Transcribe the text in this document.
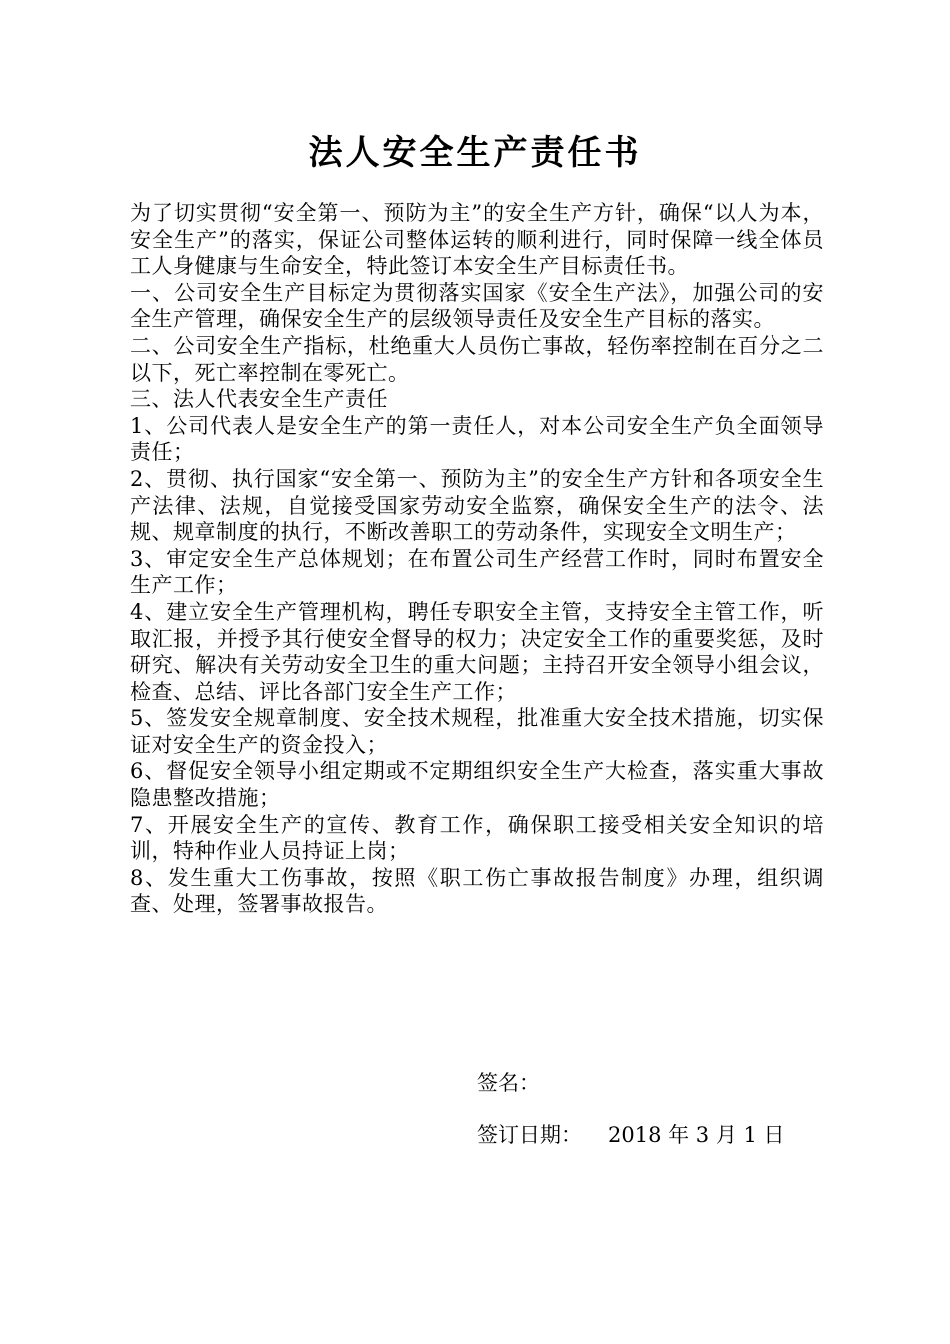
法人安全生产责任书

为了切实贯彻“安全第一、预防为主”的安全生产方针，确保“以人为本，安全生产”的落实，保证公司整体运转的顺利进行，同时保障一线全体员工人身健康与生命安全，特此签订本安全生产目标责任书。

一、公司安全生产目标定为贯彻落实国家《安全生产法》，加强公司的安全生产管理，确保安全生产的层级领导责任及安全生产目标的落实。

二、公司安全生产指标，杜绝重大人员伤亡事故，轻伤率控制在百分之二以下，死亡率控制在零死亡。

三、法人代表安全生产责任

1、公司代表人是安全生产的第一责任人，对本公司安全生产负全面领导责任；

2、贯彻、执行国家“安全第一、预防为主”的安全生产方针和各项安全生产法律、法规，自觉接受国家劳动安全监察，确保安全生产的法令、法规、规章制度的执行，不断改善职工的劳动条件，实现安全文明生产；

3、审定安全生产总体规划；在布置公司生产经营工作时，同时布置安全生产工作；

4、建立安全生产管理机构，聘任专职安全主管，支持安全主管工作，听取汇报，并授予其行使安全督导的权力；决定安全工作的重要奖惩，及时研究、解决有关劳动安全卫生的重大问题；主持召开安全领导小组会议，检查、总结、评比各部门安全生产工作；

5、签发安全规章制度、安全技术规程，批准重大安全技术措施，切实保证对安全生产的资金投入；

6、督促安全领导小组定期或不定期组织安全生产大检查，落实重大事故隐患整改措施；

7、开展安全生产的宣传、教育工作，确保职工接受相关安全知识的培训，特种作业人员持证上岗；

8、发生重大工伤事故，按照《职工伤亡事故报告制度》办理，组织调查、处理，签署事故报告。

签名：
签订日期： 2018 年 3 月 1 日
